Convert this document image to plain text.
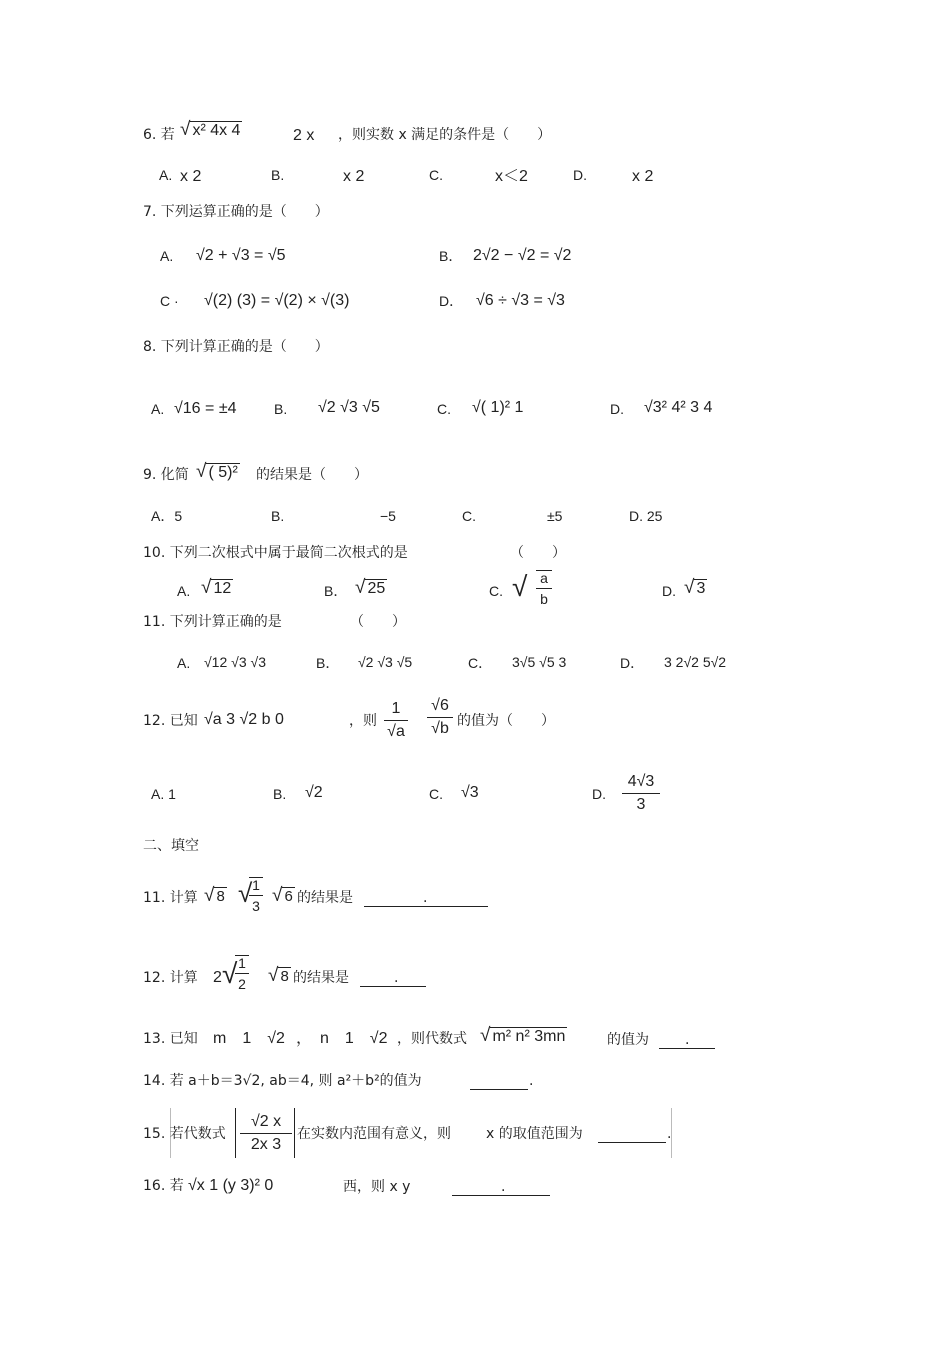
6. 若 √ x² 4x 4	2 x ，则实数 x 满足的条件是（　　）
A. x 2	B.	x 2	C.	x＜2	D.	x 2
7. 下列运算正确的是（　　）
A. √2 + √3 = √5	B． 2√2 − √2 = √2
C · √(2) (3) = √(2) × √(3)	D． √6 ÷ √3 = √3
8. 下列计算正确的是（　　）
A. √16 = ±4	B. √2 √3 √5	C. √( 1)² 1	D. √3² 4² 3 4
9. 化简 √ ( 5)² 的结果是（　　）
A．5	B.	−5	C.	±5	D. 25
10. 下列二次根式中属于最简二次根式的是	（　　）
A. √ 12	B． √ 25	C. √ $\frac{a}{b}$	D. √ 3
11. 下列计算正确的是	（　　）
A. √12 √3 √3	B． √2 √3 √5	C． 3√5 √5 3	D． 3 2√2 5√2
12. 已知 √a 3 √2 b 0	，则 $\frac{1}{√a} \frac{√6}{√b}$ 的值为（　　）
A. 1	B. √2	C. √3	D. $\frac{4√3}{3}$
二、填空
11. 计算 √ 8 √
$\frac{1}{3}$ √ 6 的结果是	.
12. 计算 2 √
$\frac{1}{2}$ √ 8 的结果是	.
13. 已知 m　1　√2 ，　n　1　√2 ，则代数式 √ m² n² 3mn	的值为	.
14. 若 a＋b＝3√2, ab＝4, 则 a²＋b²的值为	.
15. 若代数式 $\frac{√2 x}{2x 3}$ 在实数内范围有意义，则	x 的取值范围为	.
16. 若 √x 1 (y 3)² 0	西，则 x y	.
